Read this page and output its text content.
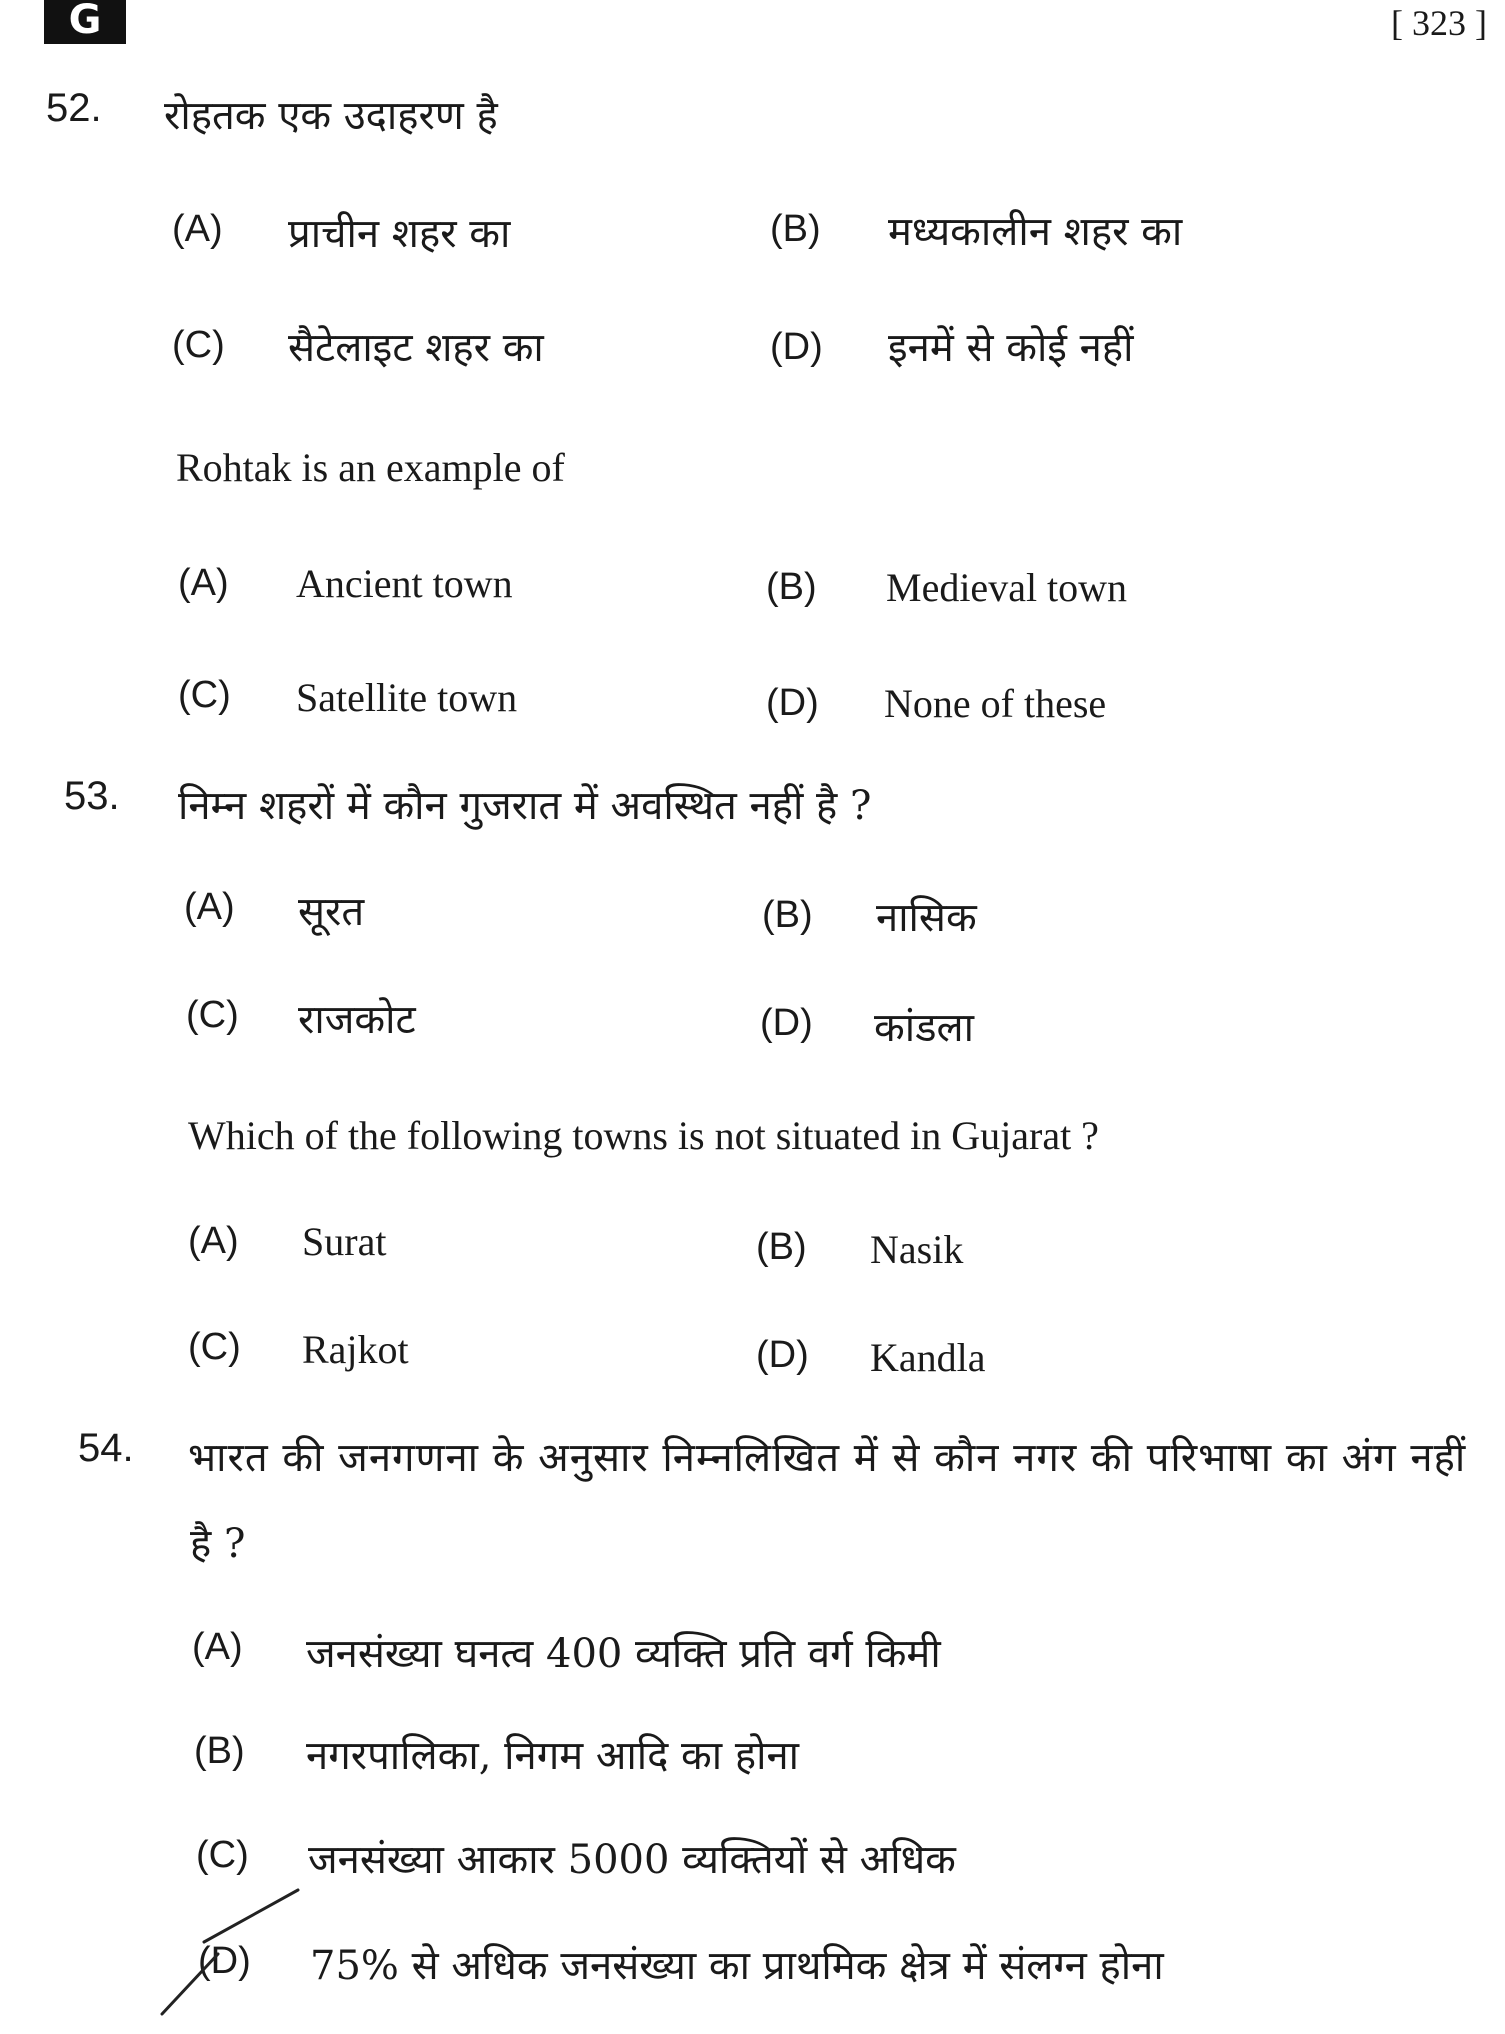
G	[ 323 ]
52. रोहतक एक उदाहरण है
(A) प्राचीन शहर का	(B) मध्यकालीन शहर का
(C) सैटेलाइट शहर का	(D) इनमें से कोई नहीं
Rohtak is an example of
(A) Ancient town	(B) Medieval town
(C) Satellite town	(D) None of these
53. निम्न शहरों में कौन गुजरात में अवस्थित नहीं है ?
(A) सूरत	(B) नासिक
(C) राजकोट	(D) कांडला
Which of the following towns is not situated in Gujarat ?
(A) Surat	(B) Nasik
(C) Rajkot	(D) Kandla
54. भारत की जनगणना के अनुसार निम्नलिखित में से कौन नगर की परिभाषा का अंग नहीं
है ?
(A) जनसंख्या घनत्व 400 व्यक्ति प्रति वर्ग किमी
(B) नगरपालिका, निगम आदि का होना
(C) जनसंख्या आकार 5000 व्यक्तियों से अधिक
(D) 75% से अधिक जनसंख्या का प्राथमिक क्षेत्र में संलग्न होना
